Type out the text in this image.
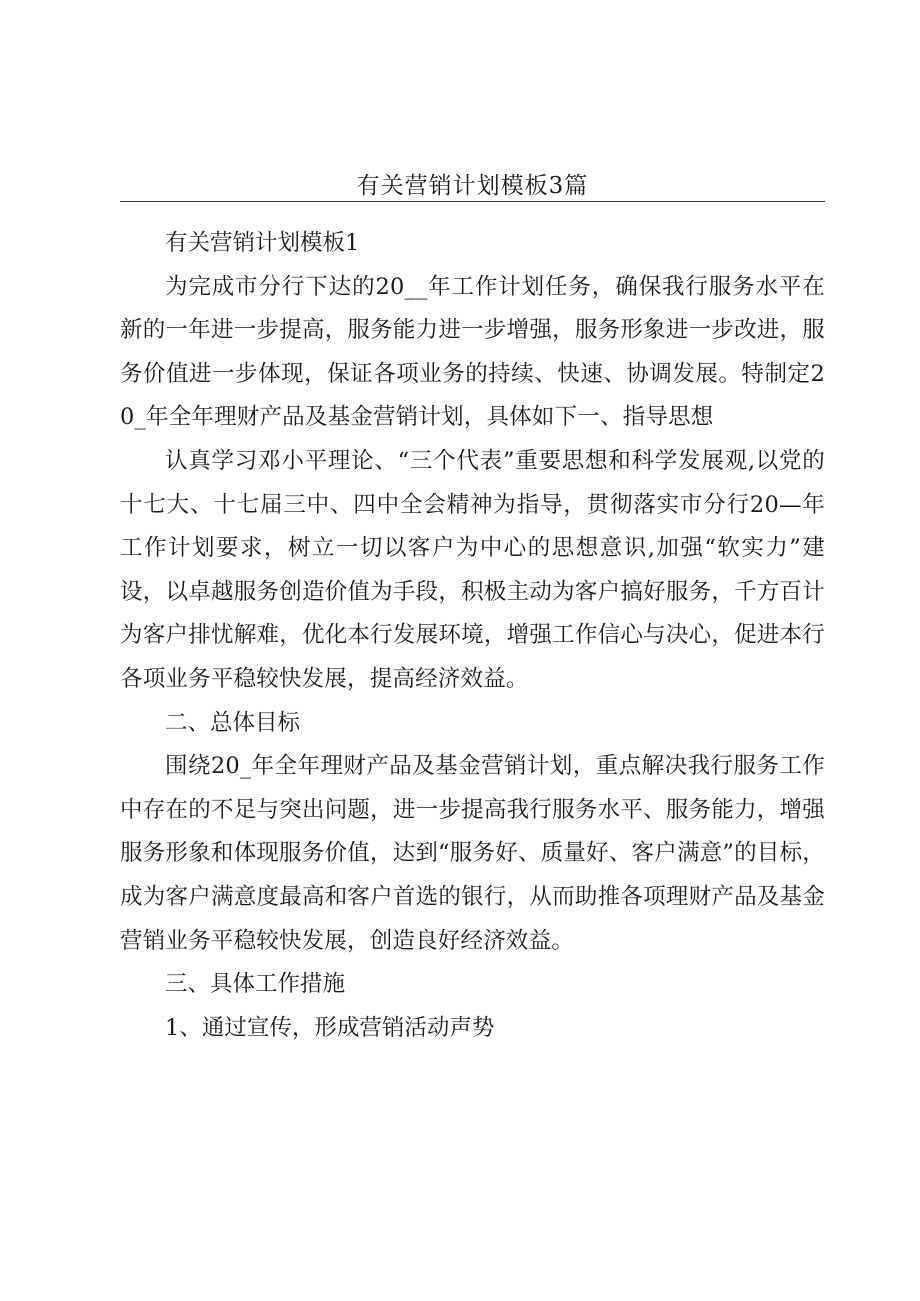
有关营销计划模板3篇

有关营销计划模板1

为完成市分行下达的20__年工作计划任务，确保我行服务水平在新的一年进一步提高，服务能力进一步增强，服务形象进一步改进，服务价值进一步体现，保证各项业务的持续、快速、协调发展。特制定20_年全年理财产品及基金营销计划，具体如下一、指导思想

认真学习邓小平理论、“三个代表”重要思想和科学发展观,以党的十七大、十七届三中、四中全会精神为指导，贯彻落实市分行20—年工作计划要求，树立一切以客户为中心的思想意识,加强“软实力”建设，以卓越服务创造价值为手段，积极主动为客户搞好服务，千方百计为客户排忧解难，优化本行发展环境，增强工作信心与决心，促进本行各项业务平稳较快发展，提高经济效益。

二、总体目标

围绕20_年全年理财产品及基金营销计划，重点解决我行服务工作中存在的不足与突出问题，进一步提高我行服务水平、服务能力，增强服务形象和体现服务价值，达到“服务好、质量好、客户满意”的目标，成为客户满意度最高和客户首选的银行，从而助推各项理财产品及基金营销业务平稳较快发展，创造良好经济效益。

三、具体工作措施

1、通过宣传，形成营销活动声势
